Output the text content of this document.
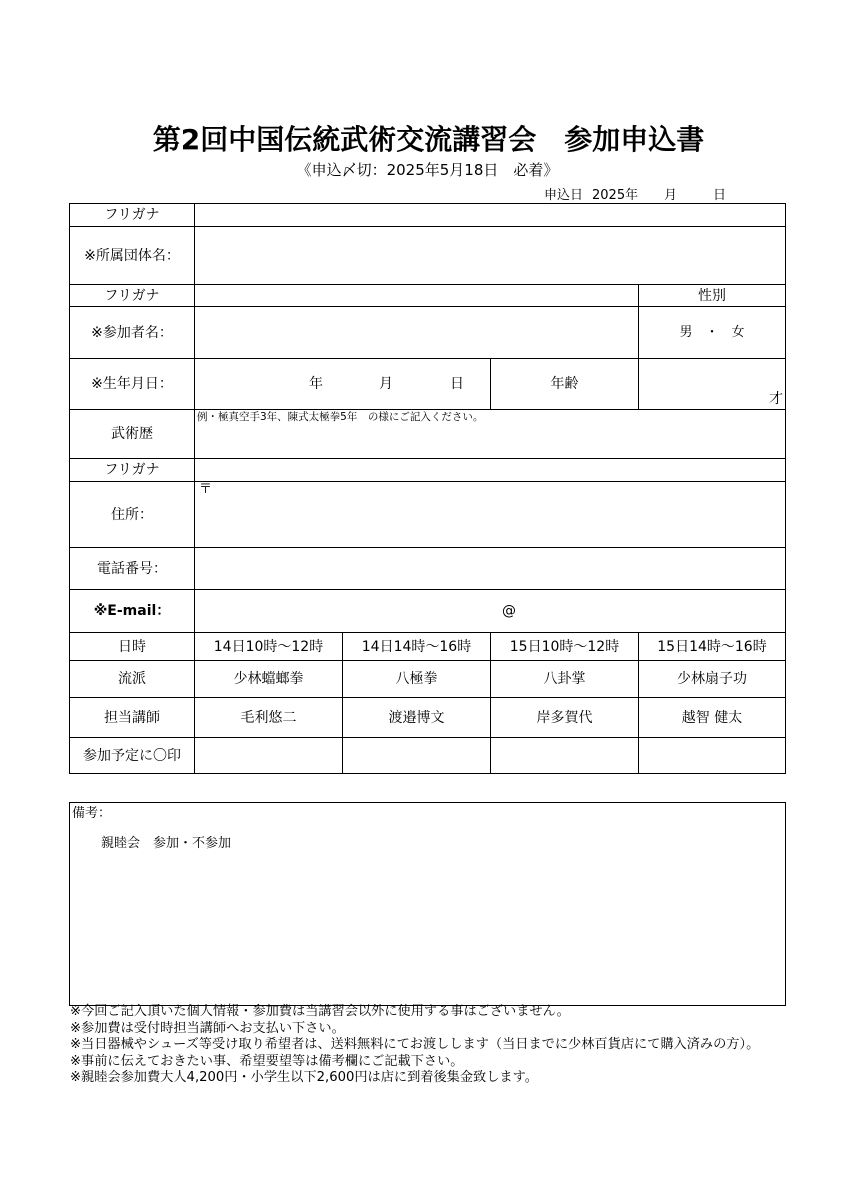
第2回中国伝統武術交流講習会　参加申込書
《申込〆切：2025年5月18日　必着》
申込日 2025年 月	日
フリガナ
※所属団体名：
フリガナ	性別
※参加者名：	男　・　女
※生年月日：	年	月	日	年齢
才
武術歴
例・極真空手3年、陳式太極拳5年　の様にご記入ください。
フリガナ
住所：
〒
電話番号：
※E-mail：	@
日時	14日10時～12時	14日14時～16時	15日10時～12時	15日14時～16時
流派	少林蟷螂拳	八極拳	八卦掌	少林扇子功
担当講師	毛利悠二	渡邉博文	岸多賀代	越智 健太
参加予定に〇印
備考：
親睦会　参加・不参加
※今回ご記入頂いた個人情報・参加費は当講習会以外に使用する事はございません。
※参加費は受付時担当講師へお支払い下さい。
※当日器械やシューズ等受け取り希望者は、送料無料にてお渡しします（当日までに少林百貨店にて購入済みの方）。
※事前に伝えておきたい事、希望要望等は備考欄にご記載下さい。
※親睦会参加費大人4,200円・小学生以下2,600円は店に到着後集金致します。
